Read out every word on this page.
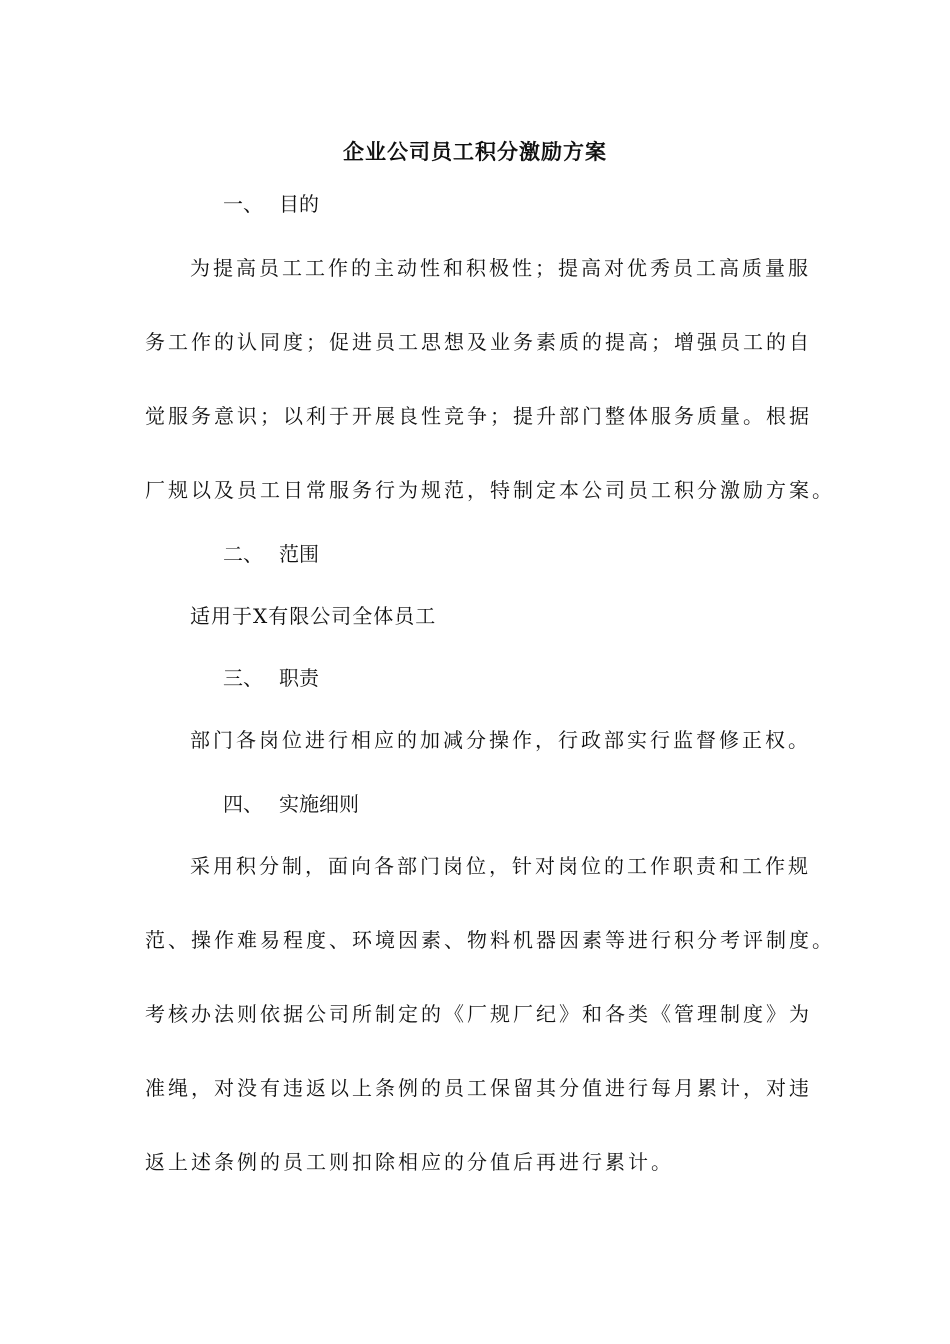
企业公司员工积分激励方案
一、 目的
为提高员工工作的主动性和积极性；提高对优秀员工高质量服
务工作的认同度；促进员工思想及业务素质的提高；增强员工的自
觉服务意识；以利于开展良性竞争；提升部门整体服务质量。根据
厂规以及员工日常服务行为规范，特制定本公司员工积分激励方案。
二、 范围
适用于X有限公司全体员工
三、 职责
部门各岗位进行相应的加减分操作，行政部实行监督修正权。
四、 实施细则
采用积分制，面向各部门岗位，针对岗位的工作职责和工作规
范、操作难易程度、环境因素、物料机器因素等进行积分考评制度。
考核办法则依据公司所制定的《厂规厂纪》和各类《管理制度》为
准绳，对没有违返以上条例的员工保留其分值进行每月累计，对违
返上述条例的员工则扣除相应的分值后再进行累计。
